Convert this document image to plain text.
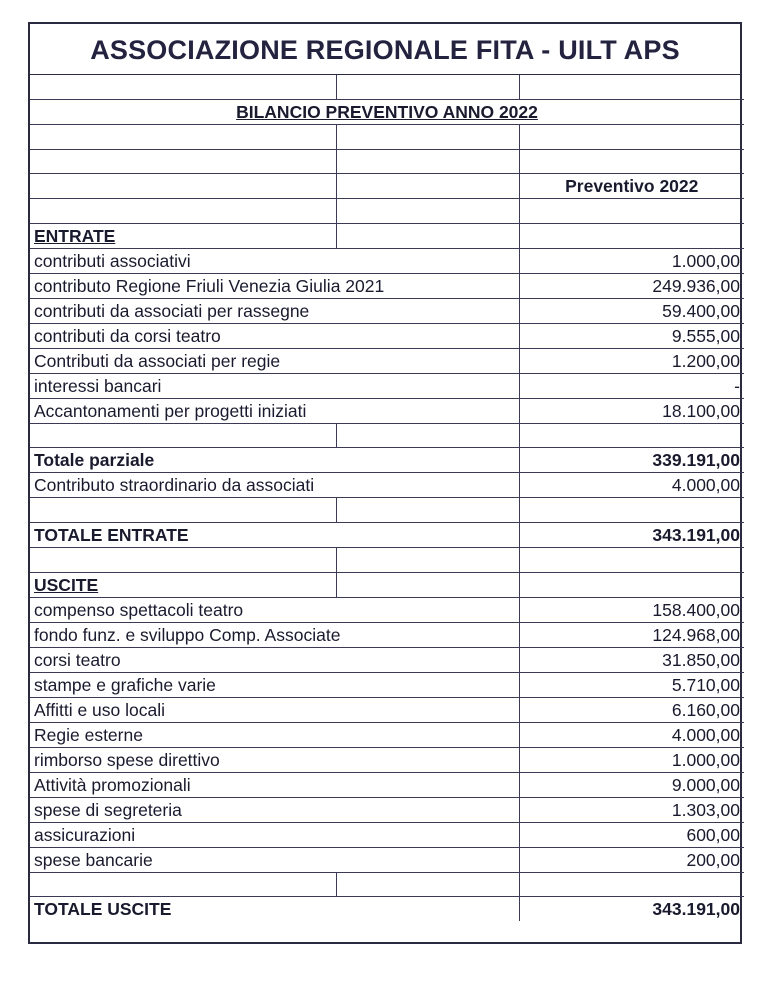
ASSOCIAZIONE REGIONALE FITA - UILT APS

BILANCIO PREVENTIVO ANNO 2022		

		Preventivo 2022

ENTRATE		
contributi associativi		1.000,00
contributo Regione Friuli Venezia Giulia 2021		249.936,00
contributi da associati per rassegne		59.400,00
contributi da corsi teatro		9.555,00
Contributi da associati per regie		1.200,00
interessi bancari		-
Accantonamenti per progetti iniziati		18.100,00

Totale parziale		339.191,00
Contributo straordinario da associati		4.000,00

TOTALE ENTRATE		343.191,00

USCITE		
compenso spettacoli teatro		158.400,00
fondo funz. e sviluppo Comp. Associate		124.968,00
corsi teatro		31.850,00
stampe e grafiche varie		5.710,00
Affitti e uso locali		6.160,00
Regie esterne		4.000,00
rimborso spese direttivo		1.000,00
Attività promozionali		9.000,00
spese di segreteria		1.303,00
assicurazioni		600,00
spese bancarie		200,00

TOTALE USCITE		343.191,00
